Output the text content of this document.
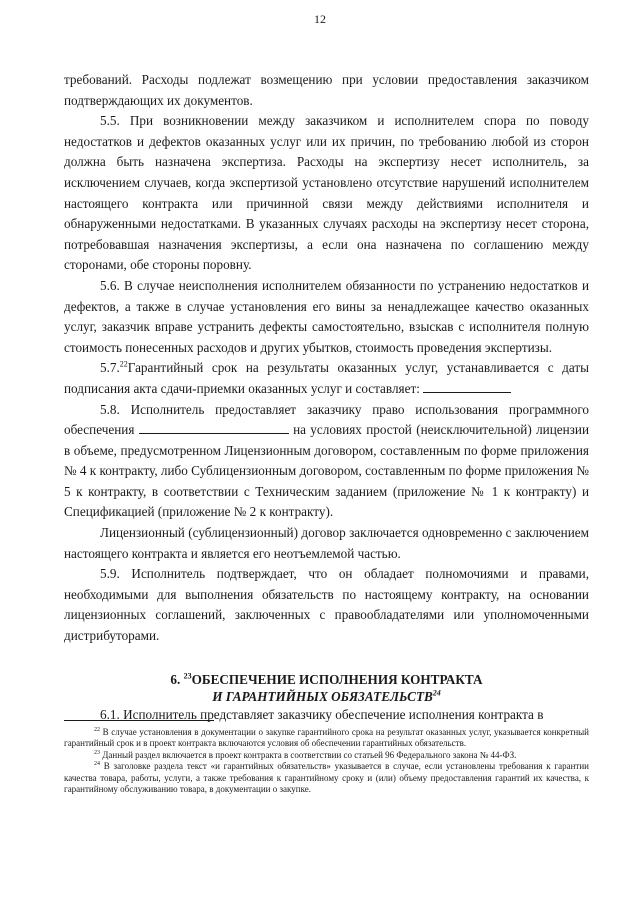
12

требований. Расходы подлежат возмещению при условии предоставления заказчиком подтверждающих их документов.

5.5. При возникновении между заказчиком и исполнителем спора по поводу недостатков и дефектов оказанных услуг или их причин, по требованию любой из сторон должна быть назначена экспертиза. Расходы на экспертизу несет исполнитель, за исключением случаев, когда экспертизой установлено отсутствие нарушений исполнителем настоящего контракта или причинной связи между действиями исполнителя и обнаруженными недостатками. В указанных случаях расходы на экспертизу несет сторона, потребовавшая назначения экспертизы, а если она назначена по соглашению между сторонами, обе стороны поровну.

5.6. В случае неисполнения исполнителем обязанности по устранению недостатков и дефектов, а также в случае установления его вины за ненадлежащее качество оказанных услуг, заказчик вправе устранить дефекты самостоятельно, взыскав с исполнителя полную стоимость понесенных расходов и других убытков, стоимость проведения экспертизы.

5.7.22Гарантийный срок на результаты оказанных услуг, устанавливается с даты подписания акта сдачи-приемки оказанных услуг и составляет:

5.8. Исполнитель предоставляет заказчику право использования программного обеспечения	на условиях простой (неисключительной) лицензии в объеме, предусмотренном Лицензионным договором, составленным по форме приложения № 4 к контракту, либо Сублицензионным договором, составленным по форме приложения № 5 к контракту, в соответствии с Техническим заданием (приложение № 1 к контракту) и Спецификацией (приложение № 2 к контракту).

Лицензионный (сублицензионный) договор заключается одновременно с заключением настоящего контракта и является его неотъемлемой частью.

5.9. Исполнитель подтверждает, что он обладает полномочиями и правами, необходимыми для выполнения обязательств по настоящему контракту, на основании лицензионных соглашений, заключенных с правообладателями или уполномоченными дистрибуторами.

6. $^{23}$ОБЕСПЕЧЕНИЕ ИСПОЛНЕНИЯ КОНТРАКТА
И ГАРАНТИЙНЫХ ОБЯЗАТЕЛЬСТВ$^{24}$

6.1. Исполнитель представляет заказчику обеспечение исполнения контракта в

$^{22}$ В случае установления в документации о закупке гарантийного срока на результат оказанных услуг, указывается конкретный гарантийный срок и в проект контракта включаются условия об обеспечении гарантийных обязательств.

$^{23}$ Данный раздел включается в проект контракта в соответствии со статьей 96 Федерального закона № 44-ФЗ.

$^{24}$ В заголовке раздела текст «и гарантийных обязательств» указывается в случае, если установлены требования к гарантии качества товара, работы, услуги, а также требования к гарантийному сроку и (или) объему предоставления гарантий их качества, к гарантийному обслуживанию товара, в документации о закупке.
